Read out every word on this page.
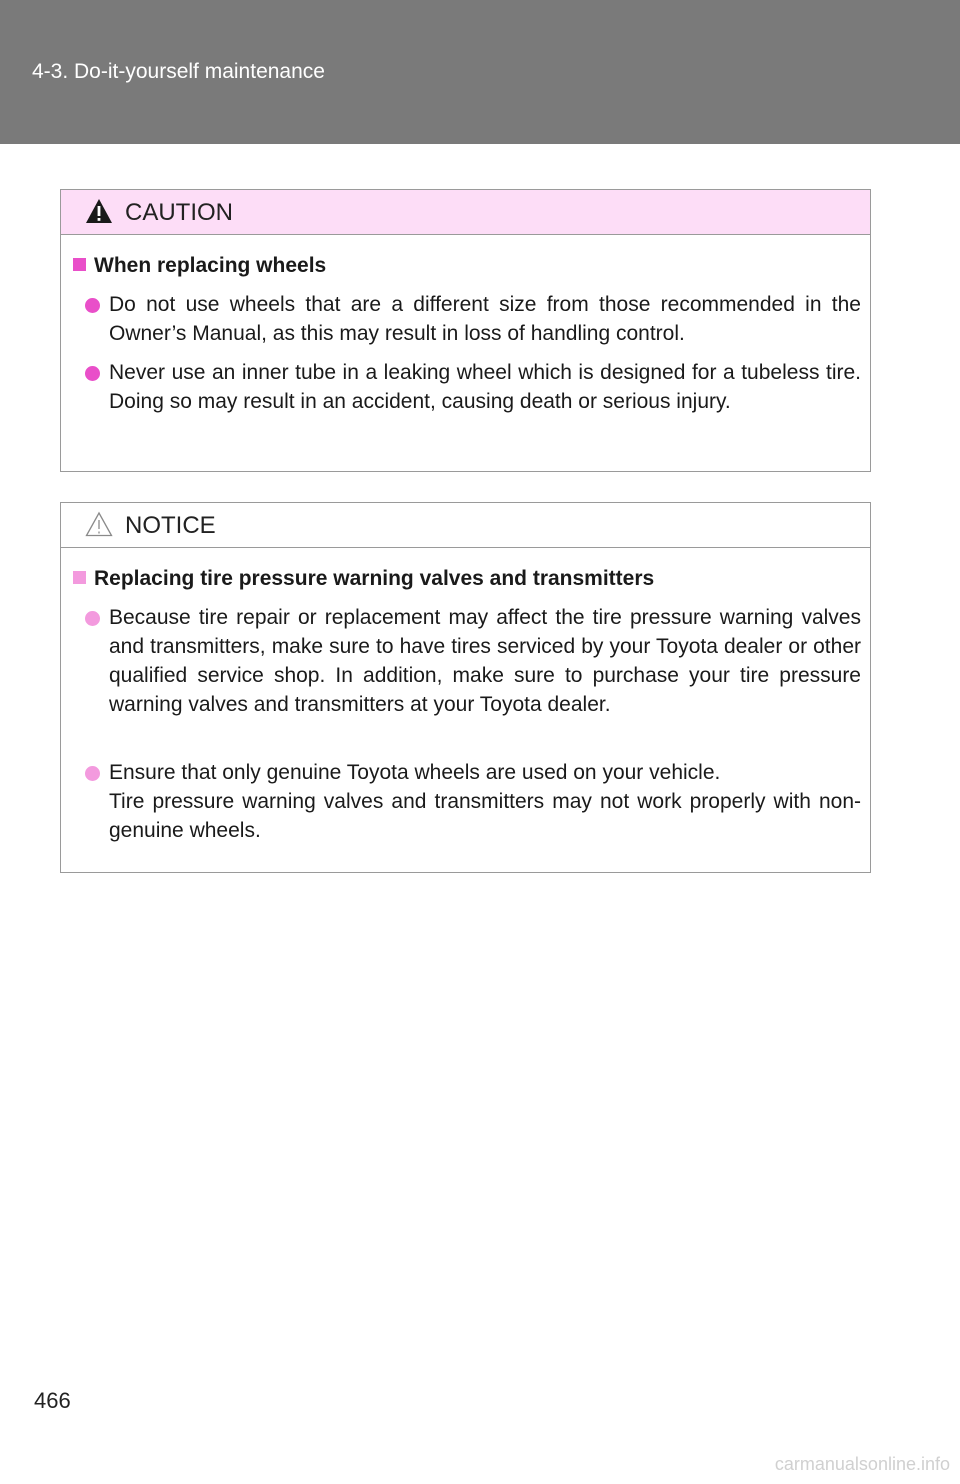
4-3. Do-it-yourself maintenance
CAUTION
When replacing wheels
Do not use wheels that are a different size from those recommended in the Owner’s Manual, as this may result in loss of handling control.
Never use an inner tube in a leaking wheel which is designed for a tubeless tire. Doing so may result in an accident, causing death or serious injury.
NOTICE
Replacing tire pressure warning valves and transmitters
Because tire repair or replacement may affect the tire pressure warning valves and transmitters, make sure to have tires serviced by your Toyota dealer or other qualified service shop. In addition, make sure to purchase your tire pressure warning valves and transmitters at your Toyota dealer.
Ensure that only genuine Toyota wheels are used on your vehicle.
Tire pressure warning valves and transmitters may not work properly with non-genuine wheels.
466
carmanualsonline.info
